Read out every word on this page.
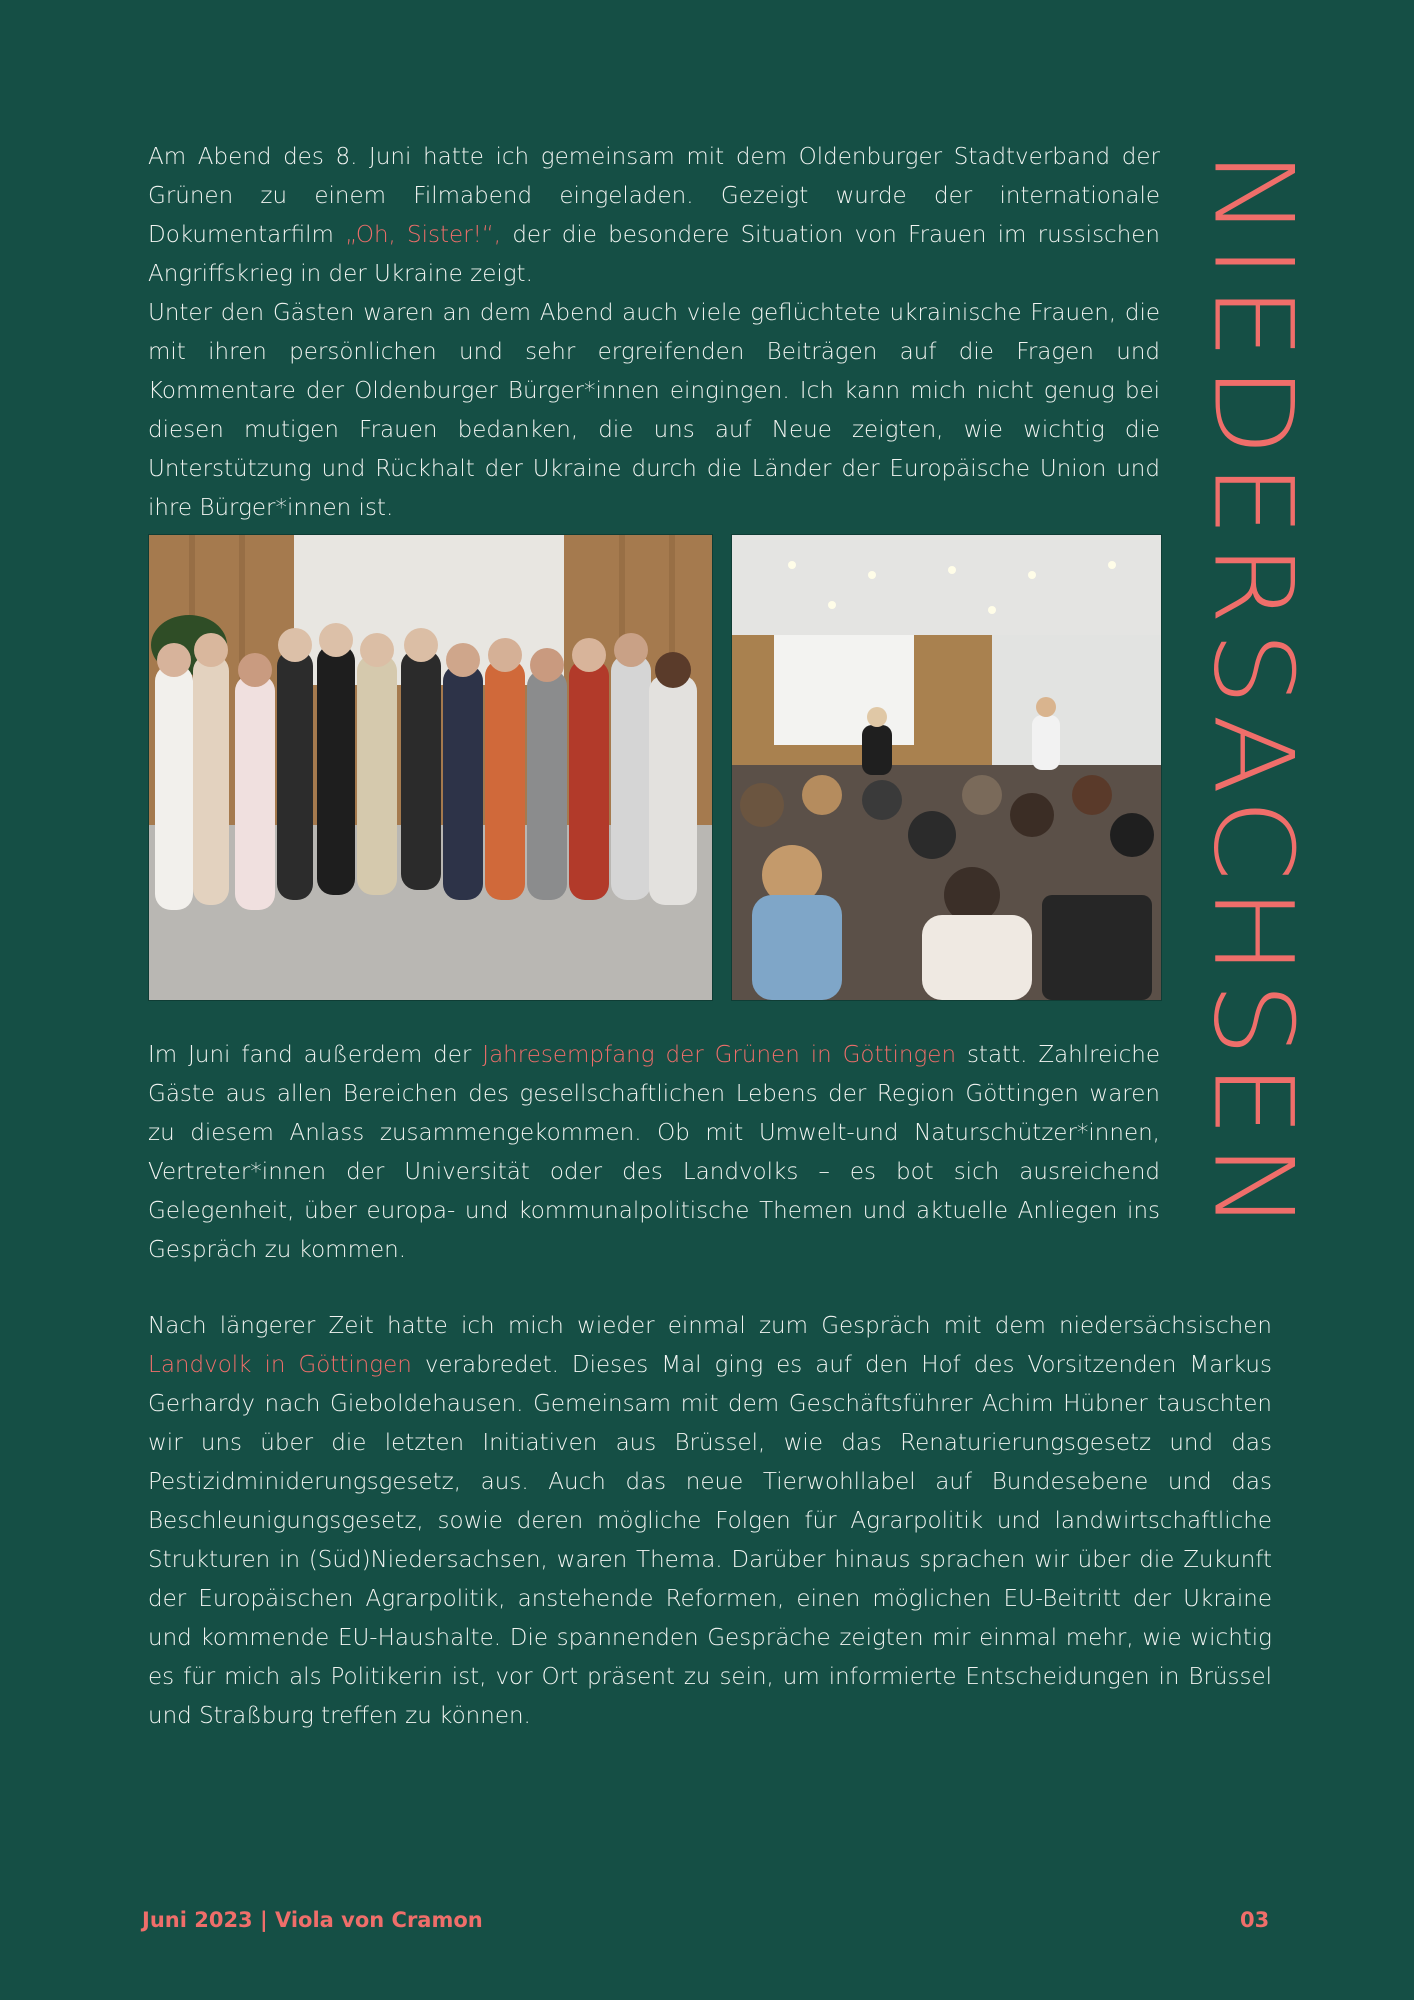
NIEDERSACHSEN

Am Abend des 8. Juni hatte ich gemeinsam mit dem Oldenburger Stadtverband der Grünen zu einem Filmabend eingeladen. Gezeigt wurde der internationale Dokumentarfilm „Oh, Sister!“, der die besondere Situation von Frauen im russischen Angriffskrieg in der Ukraine zeigt.

Unter den Gästen waren an dem Abend auch viele geflüchtete ukrainische Frauen, die mit ihren persönlichen und sehr ergreifenden Beiträgen auf die Fragen und Kommentare der Oldenburger Bürger*innen eingingen. Ich kann mich nicht genug bei diesen mutigen Frauen bedanken, die uns auf Neue zeigten, wie wichtig die Unterstützung und Rückhalt der Ukraine durch die Länder der Europäische Union und ihre Bürger*innen ist.

Im Juni fand außerdem der Jahresempfang der Grünen in Göttingen statt. Zahlreiche Gäste aus allen Bereichen des gesellschaftlichen Lebens der Region Göttingen waren zu diesem Anlass zusammengekommen. Ob mit Umwelt-und Naturschützer*innen, Vertreter*innen der Universität oder des Landvolks – es bot sich ausreichend Gelegenheit, über europa- und kommunalpolitische Themen und aktuelle Anliegen ins Gespräch zu kommen.

Nach längerer Zeit hatte ich mich wieder einmal zum Gespräch mit dem niedersächsischen Landvolk in Göttingen verabredet. Dieses Mal ging es auf den Hof des Vorsitzenden Markus Gerhardy nach Gieboldehausen. Gemeinsam mit dem Geschäftsführer Achim Hübner tauschten wir uns über die letzten Initiativen aus Brüssel, wie das Renaturierungsgesetz und das Pestizidminiderungsgesetz, aus. Auch das neue Tierwohllabel auf Bundesebene und das Beschleunigungsgesetz, sowie deren mögliche Folgen für Agrarpolitik und landwirtschaftliche Strukturen in (Süd)Niedersachsen, waren Thema. Darüber hinaus sprachen wir über die Zukunft der Europäischen Agrarpolitik, anstehende Reformen, einen möglichen EU-Beitritt der Ukraine und kommende EU-Haushalte. Die spannenden Gespräche zeigten mir einmal mehr, wie wichtig es für mich als Politikerin ist, vor Ort präsent zu sein, um informierte Entscheidungen in Brüssel und Straßburg treffen zu können.

Juni 2023 | Viola von Cramon	03
